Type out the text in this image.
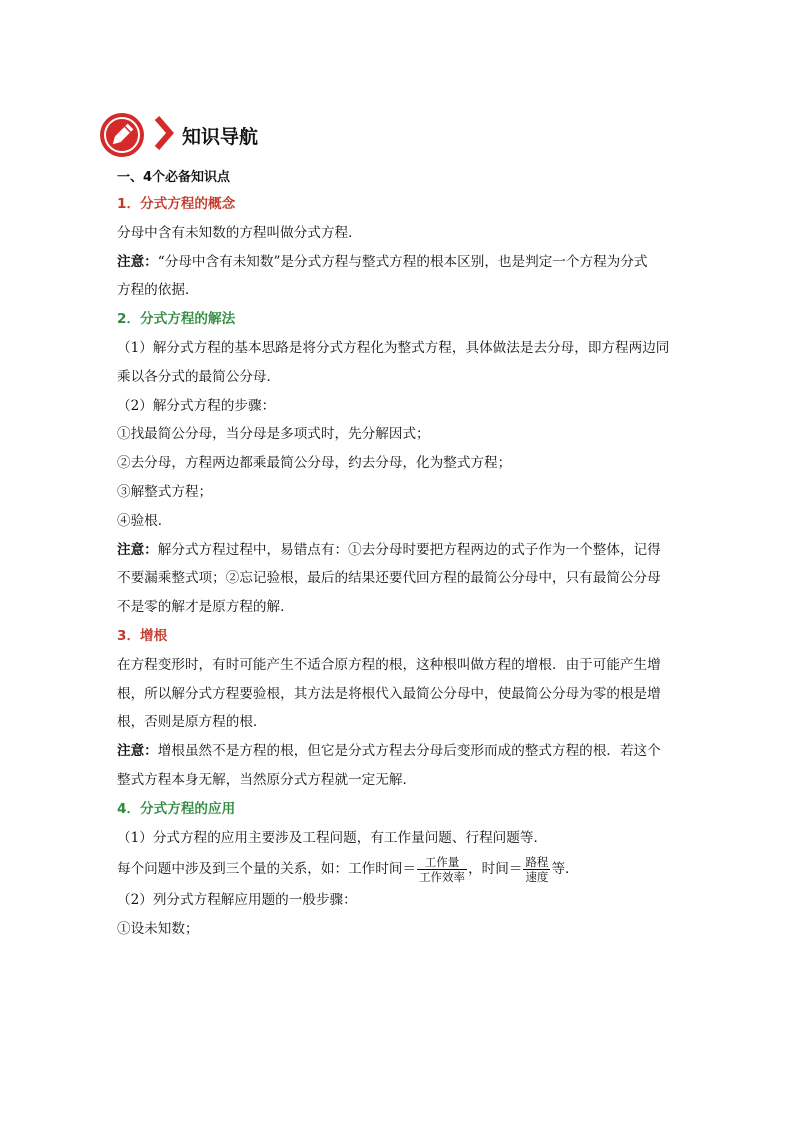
知识导航
一、4个必备知识点
1．分式方程的概念
分母中含有未知数的方程叫做分式方程．
注意：“分母中含有未知数”是分式方程与整式方程的根本区别，也是判定一个方程为分式
方程的依据．
2．分式方程的解法
（1）解分式方程的基本思路是将分式方程化为整式方程，具体做法是去分母，即方程两边同
乘以各分式的最简公分母．
（2）解分式方程的步骤：
①找最简公分母，当分母是多项式时，先分解因式；
②去分母，方程两边都乘最简公分母，约去分母，化为整式方程；
③解整式方程；
④验根．
注意：解分式方程过程中，易错点有：①去分母时要把方程两边的式子作为一个整体，记得
不要漏乘整式项；②忘记验根，最后的结果还要代回方程的最简公分母中，只有最简公分母
不是零的解才是原方程的解．
3．增根
在方程变形时，有时可能产生不适合原方程的根，这种根叫做方程的增根．由于可能产生增
根，所以解分式方程要验根，其方法是将根代入最简公分母中，使最简公分母为零的根是增
根，否则是原方程的根．
注意：增根虽然不是方程的根，但它是分式方程去分母后变形而成的整式方程的根．若这个
整式方程本身无解，当然原分式方程就一定无解．
4．分式方程的应用
（1）分式方程的应用主要涉及工程问题，有工作量问题、行程问题等．
每个问题中涉及到三个量的关系，如：工作时间＝ $\frac{\text{工作量}}{\text{工作效率}}$ ，时间＝ $\frac{\text{路程}}{\text{速度}}$ 等．
（2）列分式方程解应用题的一般步骤：
①设未知数；
